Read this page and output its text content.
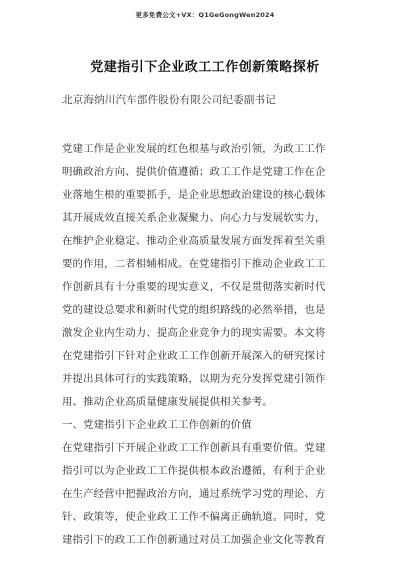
更多免费公文+VX：Q1GeGongWen2024
党建指引下企业政工工作创新策略探析
北京海纳川汽车部件股份有限公司纪委副书记
党建工作是企业发展的红色根基与政治引领，为政工工作
明确政治方向、提供价值遵循；政工工作是党建工作在企
业落地生根的重要抓手，是企业思想政治建设的核心载体
其开展成效直接关系企业凝聚力、向心力与发展软实力，
在维护企业稳定、推动企业高质量发展方面发挥着至关重
要的作用，二者相辅相成。在党建指引下推动企业政工工
作创新具有十分重要的现实意义，不仅是贯彻落实新时代
党的建设总要求和新时代党的组织路线的必然举措，也是
激发企业内生动力、提高企业竞争力的现实需要。本文将
在党建指引下针对企业政工工作创新开展深入的研究探讨
并提出具体可行的实践策略，以期为充分发挥党建引领作
用、推动企业高质量健康发展提供相关参考。
一、党建指引下企业政工工作创新的价值
在党建指引下开展企业政工工作创新具有重要价值。党建
指引可以为企业政工工作提供根本政治遵循，有利于企业
在生产经营中把握政治方向，通过系统学习党的理论、方
针、政策等，使企业政工工作不偏离正确轨道。同时，党
建指引下的政工工作创新通过对员工加强企业文化等教育
